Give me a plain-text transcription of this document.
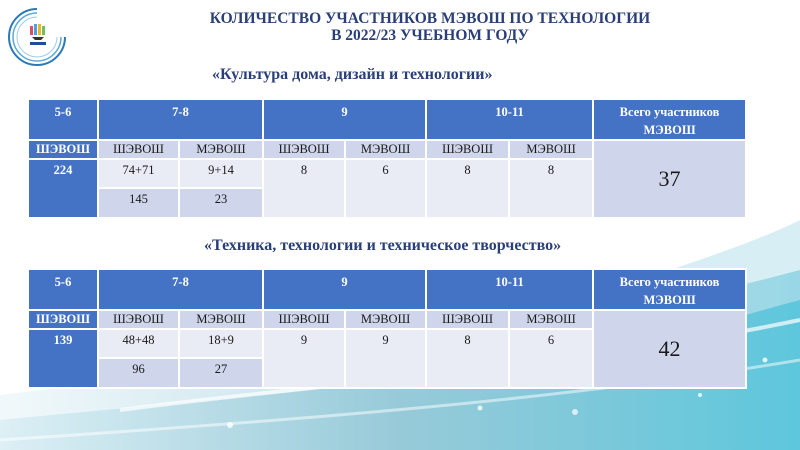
КОЛИЧЕСТВО УЧАСТНИКОВ МЭВОШ ПО ТЕХНОЛОГИИ
В 2022/23 УЧЕБНОМ ГОДУ
«Культура дома, дизайн и технологии»
5-6	7-8		9		10-11		Всего участников МЭВОШ
ШЭВОШ	ШЭВОШ	МЭВОШ	ШЭВОШ	МЭВОШ	ШЭВОШ	МЭВОШ	37
224	74+71	9+14	8	6	8	8	
	145	23					
«Техника, технологии и техническое творчество»
5-6	7-8		9		10-11		Всего участников МЭВОШ
ШЭВОШ	ШЭВОШ	МЭВОШ	ШЭВОШ	МЭВОШ	ШЭВОШ	МЭВОШ	42
139	48+48	18+9	9	9	8	6	
	96	27					
